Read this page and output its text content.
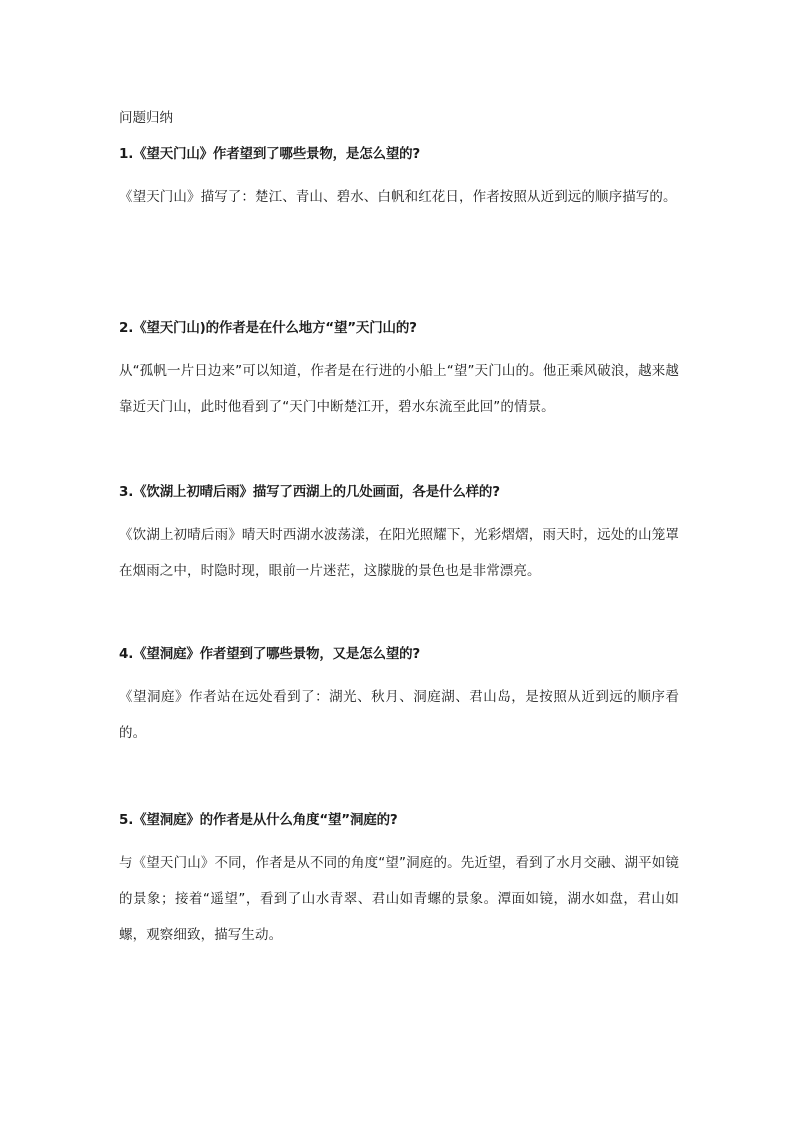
问题归纳

1.《望天门山》作者望到了哪些景物，是怎么望的?

《望天门山》描写了：楚江、青山、碧水、白帆和红花日，作者按照从近到远的顺序描写的。

2.《望天门山)的作者是在什么地方“望”天门山的?

从“孤帆一片日边来”可以知道，作者是在行进的小船上“望”天门山的。他正乘风破浪，越来越靠近天门山，此时他看到了“天门中断楚江开，碧水东流至此回”的情景。

3.《饮湖上初晴后雨》描写了西湖上的几处画面，各是什么样的?

《饮湖上初晴后雨》晴天时西湖水波荡漾，在阳光照耀下，光彩熠熠，雨天时，远处的山笼罩在烟雨之中，时隐时现，眼前一片迷茫，这朦胧的景色也是非常漂亮。

4.《望洞庭》作者望到了哪些景物，又是怎么望的?

《望洞庭》作者站在远处看到了：湖光、秋月、洞庭湖、君山岛，是按照从近到远的顺序看的。

5.《望洞庭》的作者是从什么角度“望”洞庭的?

与《望天门山》不同，作者是从不同的角度“望”洞庭的。先近望，看到了水月交融、湖平如镜的景象；接着“遥望”，看到了山水青翠、君山如青螺的景象。潭面如镜，湖水如盘，君山如螺，观察细致，描写生动。
